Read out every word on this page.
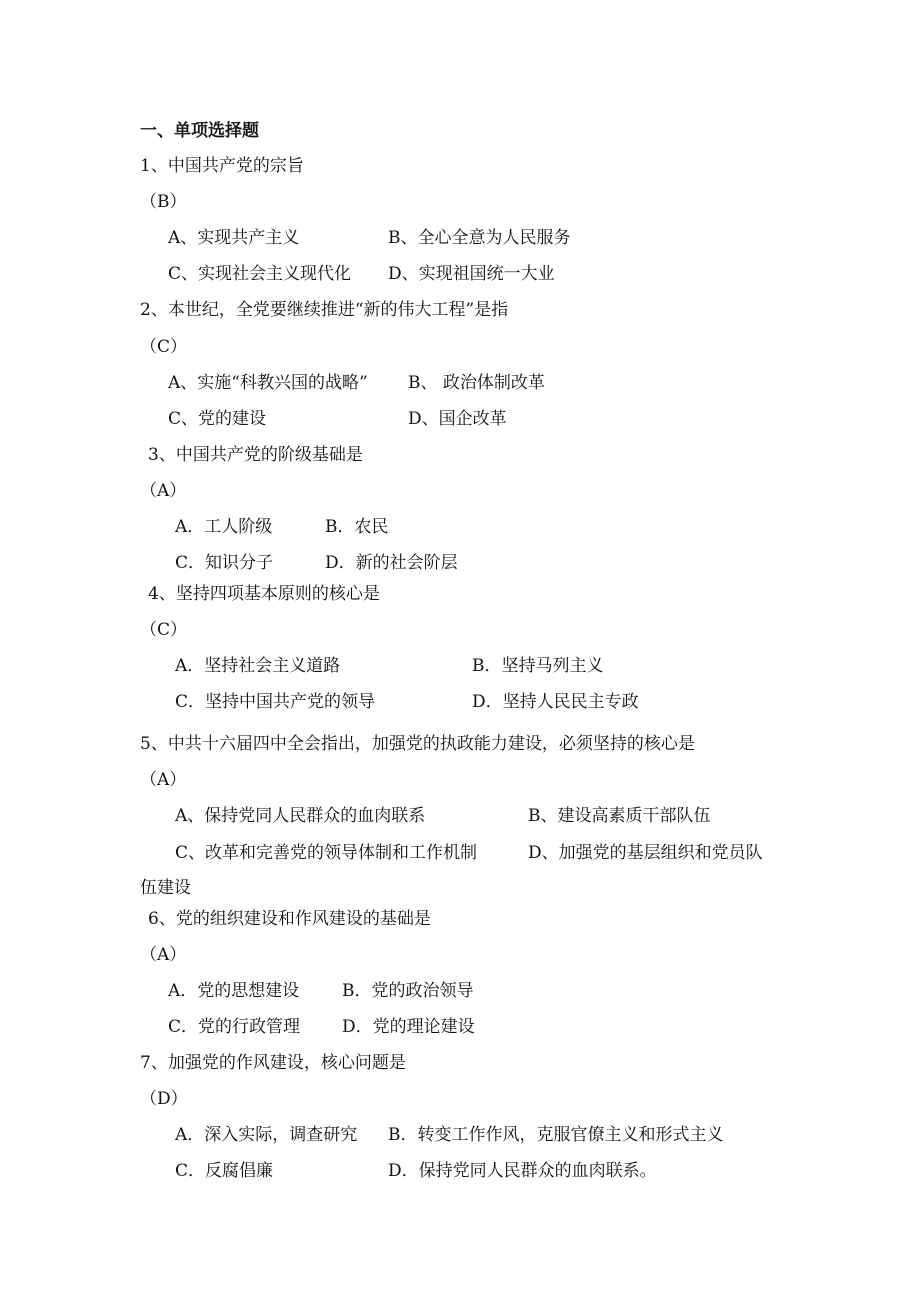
一、单项选择题
1、中国共产党的宗旨
（B）
A、实现共产主义	B、全心全意为人民服务
C、实现社会主义现代化 D、实现祖国统一大业
2、本世纪，全党要继续推进“新的伟大工程”是指
（C）
A、实施“科教兴国的战略” B、 政治体制改革
C、党的建设	D、国企改革
3、中国共产党的阶级基础是
（A）
A．工人阶级	B．农民
C．知识分子	D．新的社会阶层
4、坚持四项基本原则的核心是
（C）
A．坚持社会主义道路	B．坚持马列主义
C．坚持中国共产党的领导	D．坚持人民民主专政
5、中共十六届四中全会指出，加强党的执政能力建设，必须坚持的核心是
（A）
A、保持党同人民群众的血肉联系	B、建设高素质干部队伍
C、改革和完善党的领导体制和工作机制	D、加强党的基层组织和党员队
伍建设
6、党的组织建设和作风建设的基础是
（A）
A．党的思想建设	B．党的政治领导
C．党的行政管理 D．党的理论建设
7、加强党的作风建设，核心问题是
（D）
A．深入实际，调查研究 B．转变工作作风，克服官僚主义和形式主义
C．反腐倡廉	D．保持党同人民群众的血肉联系。
